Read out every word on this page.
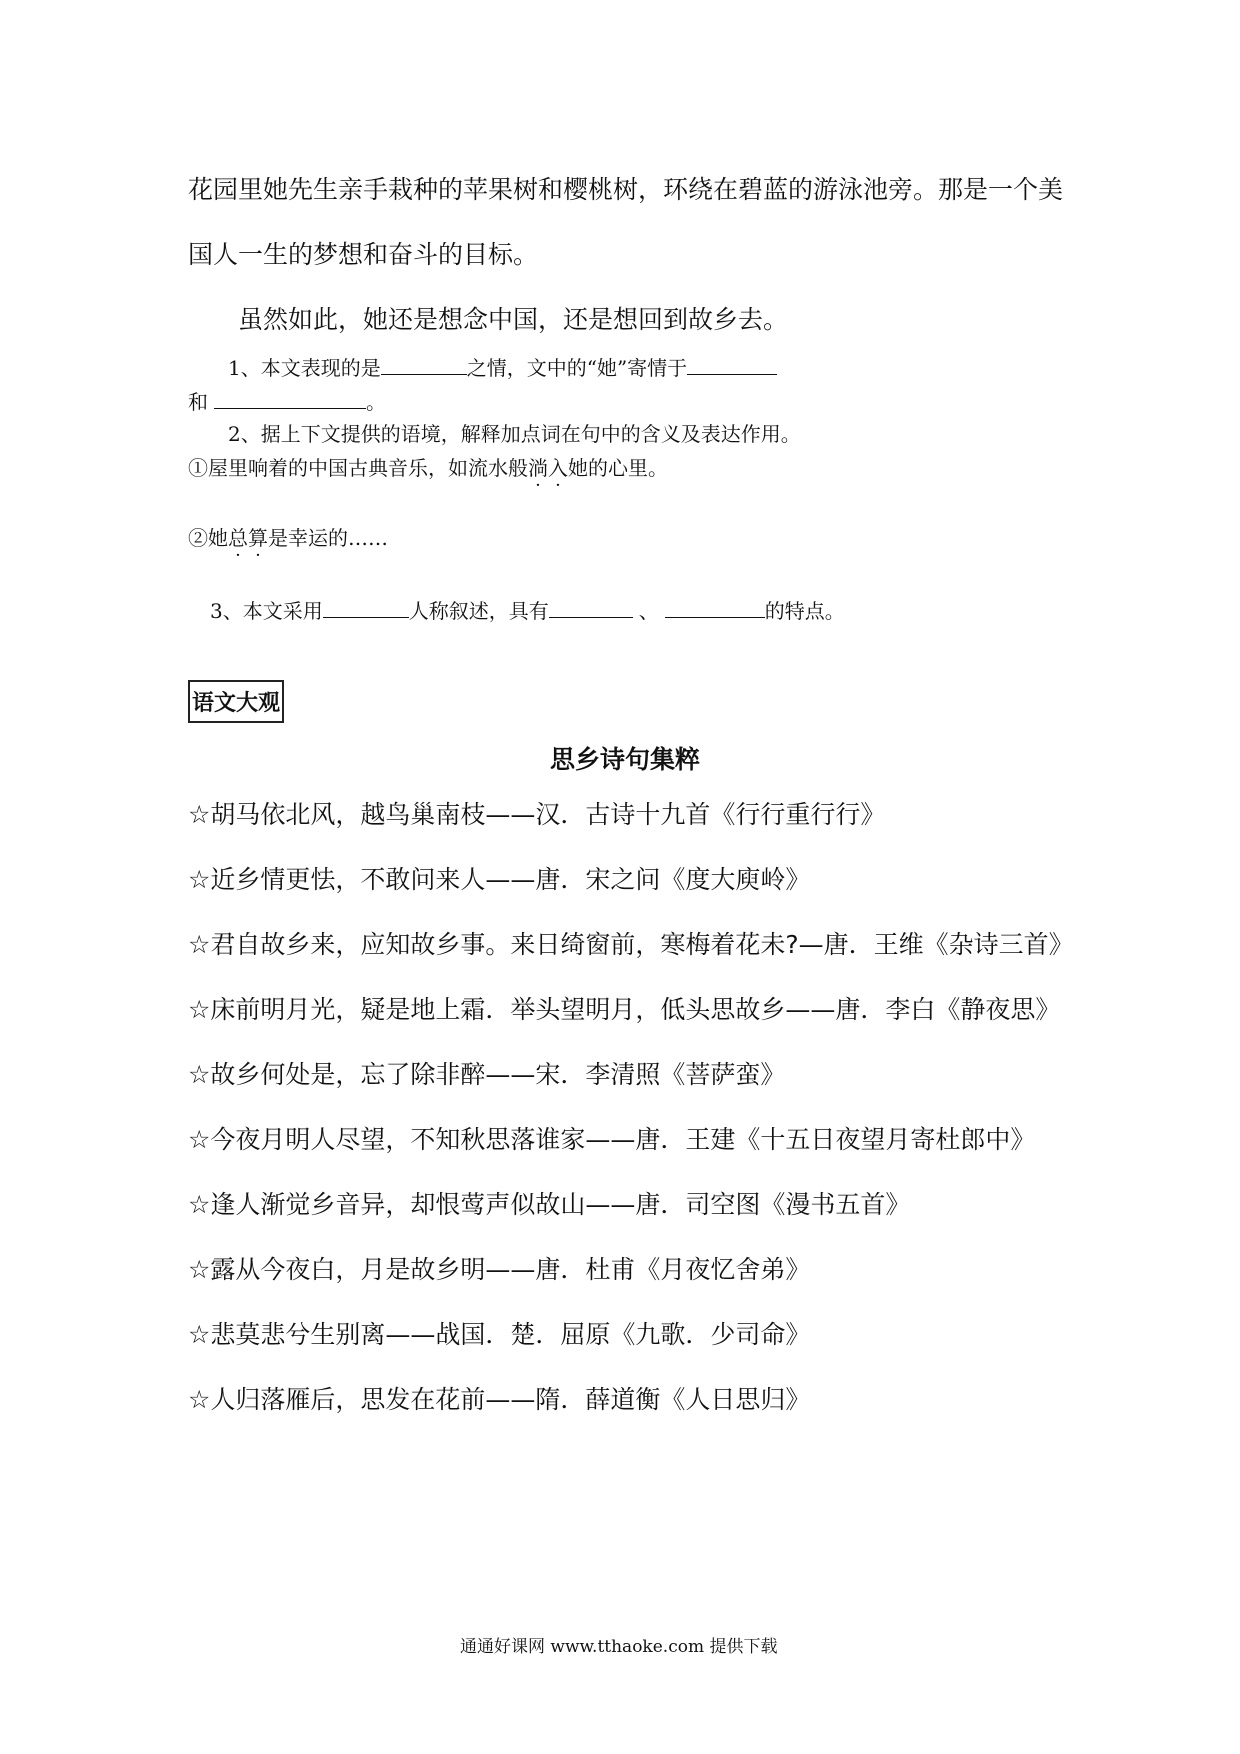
花园里她先生亲手栽种的苹果树和樱桃树，环绕在碧蓝的游泳池旁。那是一个美
国人一生的梦想和奋斗的目标。
虽然如此，她还是想念中国，还是想回到故乡去。
1、本文表现的是	之情，文中的“她”寄情于
和	。
2、据上下文提供的语境，解释加点词在句中的含义及表达作用。
①屋里响着的中国古典音乐，如流水般淌入她的心里。
②她总算是幸运的……
3、本文采用	人称叙述，具有	、	的特点。
语文大观
思乡诗句集粹
☆胡马依北风，越鸟巢南枝——汉．古诗十九首《行行重行行》
☆近乡情更怯，不敢问来人——唐．宋之问《度大庾岭》
☆君自故乡来，应知故乡事。来日绮窗前，寒梅着花未?—唐．王维《杂诗三首》
☆床前明月光，疑是地上霜．举头望明月，低头思故乡——唐．李白《静夜思》
☆故乡何处是，忘了除非醉——宋．李清照《菩萨蛮》
☆今夜月明人尽望，不知秋思落谁家——唐．王建《十五日夜望月寄杜郎中》
☆逢人渐觉乡音异，却恨莺声似故山——唐．司空图《漫书五首》
☆露从今夜白，月是故乡明——唐．杜甫《月夜忆舍弟》
☆悲莫悲兮生别离——战国．楚．屈原《九歌．少司命》
☆人归落雁后，思发在花前——隋．薛道衡《人日思归》
通通好课网 www.tthaoke.com 提供下载
